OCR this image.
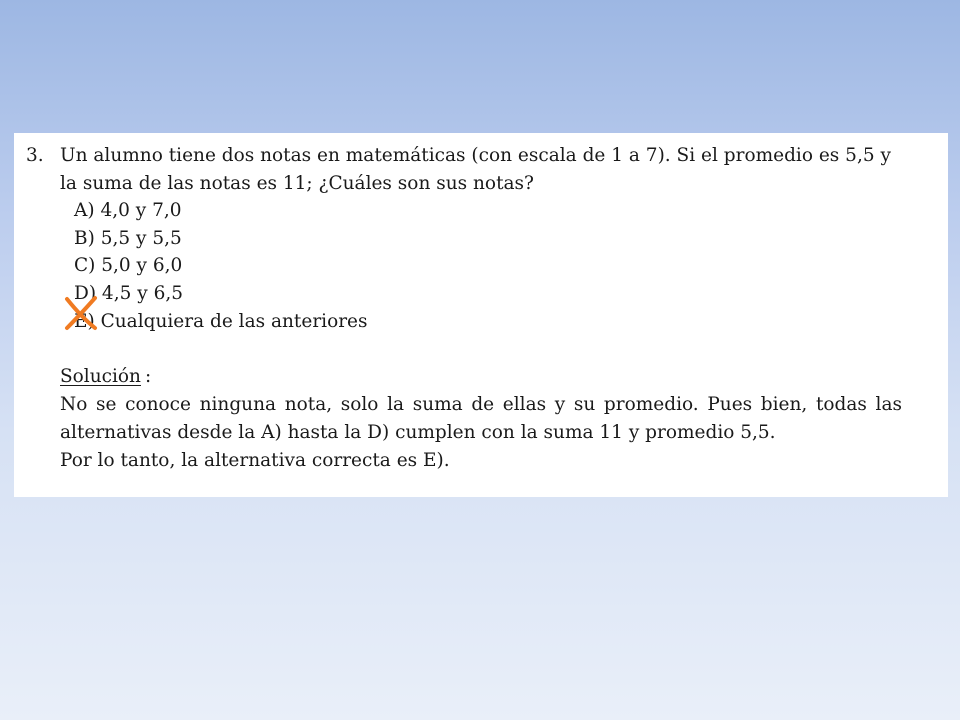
3. Un alumno tiene dos notas en matemáticas (con escala de 1 a 7). Si el promedio es 5,5 y
la suma de las notas es 11; ¿Cuáles son sus notas?
A) 4,0 y 7,0
B) 5,5 y 5,5
C) 5,0 y 6,0
D) 4,5 y 6,5
E) Cualquiera de las anteriores
Solución :
No se conoce ninguna nota, solo la suma de ellas y su promedio. Pues bien, todas las
alternativas desde la A) hasta la D) cumplen con la suma 11 y promedio 5,5.
Por lo tanto, la alternativa correcta es E).
